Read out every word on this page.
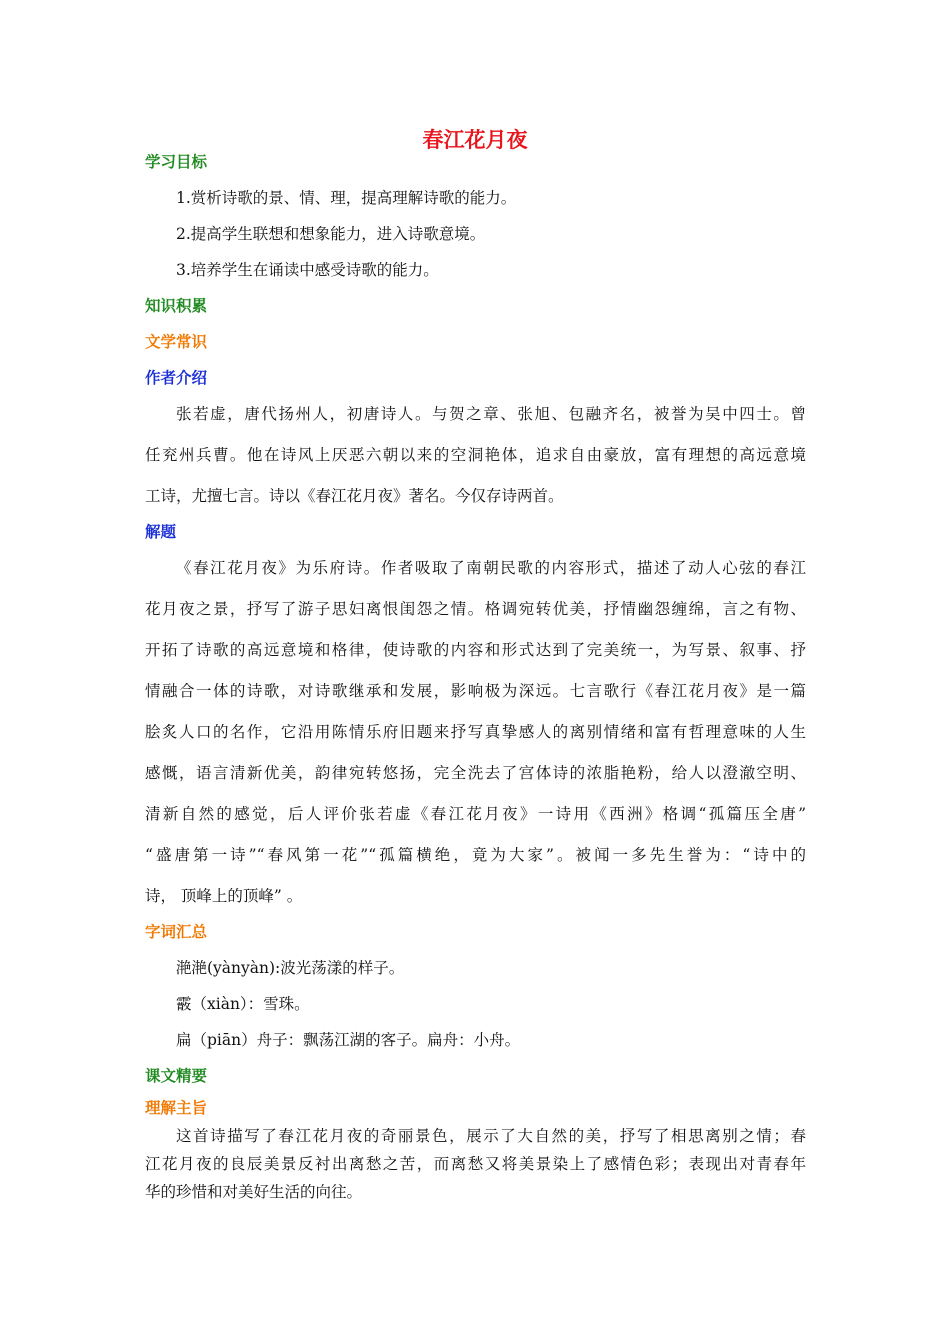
春江花月夜
学习目标
1.赏析诗歌的景、情、理，提高理解诗歌的能力。
2.提高学生联想和想象能力，进入诗歌意境。
3.培养学生在诵读中感受诗歌的能力。
知识积累
文学常识
作者介绍
张若虚，唐代扬州人，初唐诗人。与贺之章、张旭、包融齐名，被誉为吴中四士。曾
任兖州兵曹。他在诗风上厌恶六朝以来的空洞艳体，追求自由豪放，富有理想的高远意境
工诗，尤擅七言。诗以《春江花月夜》著名。今仅存诗两首。
解题
《春江花月夜》为乐府诗。作者吸取了南朝民歌的内容形式，描述了动人心弦的春江
花月夜之景，抒写了游子思妇离恨闺怨之情。格调宛转优美，抒情幽怨缠绵，言之有物、
开拓了诗歌的高远意境和格律，使诗歌的内容和形式达到了完美统一，为写景、叙事、抒
情融合一体的诗歌，对诗歌继承和发展，影响极为深远。七言歌行《春江花月夜》是一篇
脍炙人口的名作，它沿用陈情乐府旧题来抒写真挚感人的离别情绪和富有哲理意味的人生
感慨，语言清新优美，韵律宛转悠扬，完全洗去了宫体诗的浓脂艳粉，给人以澄澈空明、
清新自然的感觉，后人评价张若虚《春江花月夜》一诗用《西洲》格调“孤篇压全唐”
“盛唐第一诗”“春风第一花”“孤篇横绝，竟为大家”。被闻一多先生誉为：“诗中的
诗， 顶峰上的顶峰” 。
字词汇总
滟滟(yànyàn):波光荡漾的样子。
霰（xiàn）：雪珠。
扁（piān）舟子：飘荡江湖的客子。扁舟：小舟。
课文精要
理解主旨
这首诗描写了春江花月夜的奇丽景色，展示了大自然的美，抒写了相思离别之情；春
江花月夜的良辰美景反衬出离愁之苦，而离愁又将美景染上了感情色彩；表现出对青春年
华的珍惜和对美好生活的向往。
